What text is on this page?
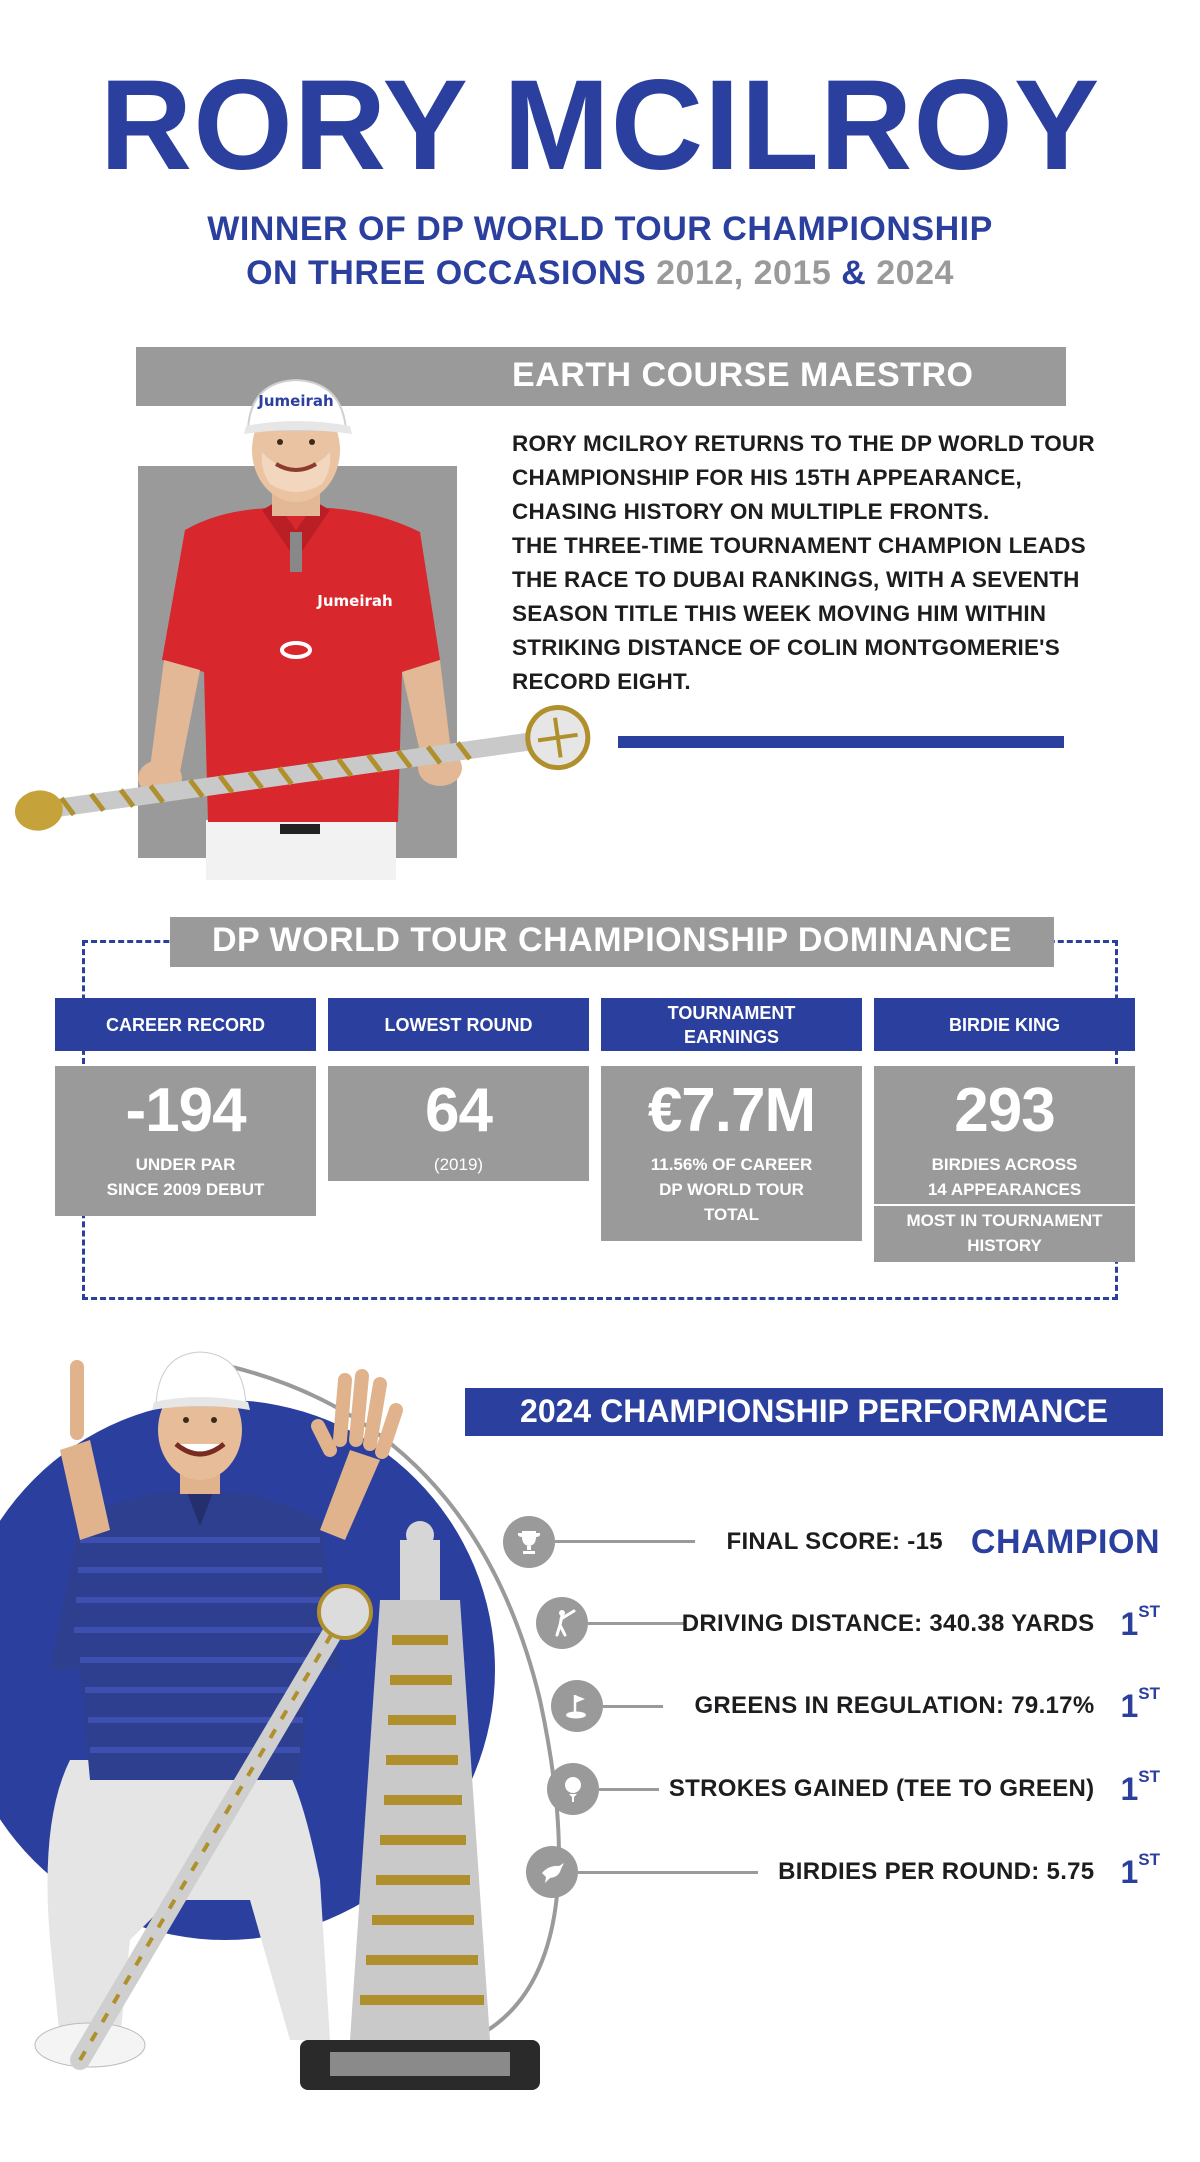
RORY MCILROY
WINNER OF DP WORLD TOUR CHAMPIONSHIP
ON THREE OCCASIONS 2012, 2015 & 2024
EARTH COURSE MAESTRO
Jumeirah
Jumeirah

RORY MCILROY RETURNS TO THE DP WORLD TOUR

CHAMPIONSHIP FOR HIS 15TH APPEARANCE,

CHASING HISTORY ON MULTIPLE FRONTS.

THE THREE-TIME TOURNAMENT CHAMPION LEADS

THE RACE TO DUBAI RANKINGS, WITH A SEVENTH

SEASON TITLE THIS WEEK MOVING HIM WITHIN

STRIKING DISTANCE OF COLIN MONTGOMERIE'S

RECORD EIGHT.

DP WORLD TOUR CHAMPIONSHIP DOMINANCE
CAREER RECORD
-194
UNDER PAR
SINCE 2009 DEBUT
LOWEST ROUND
64
(2019)
TOURNAMENT
EARNINGS
€7.7M
11.56% OF CAREER
DP WORLD TOUR
TOTAL
BIRDIE KING
293
BIRDIES ACROSS
14 APPEARANCES
MOST IN TOURNAMENT
HISTORY
2024 CHAMPIONSHIP PERFORMANCE
FINAL SCORE: -15 CHAMPION
DRIVING DISTANCE: 340.38 YARDS 1ST
GREENS IN REGULATION: 79.17% 1ST
STROKES GAINED (TEE TO GREEN) 1ST
BIRDIES PER ROUND: 5.75 1ST
